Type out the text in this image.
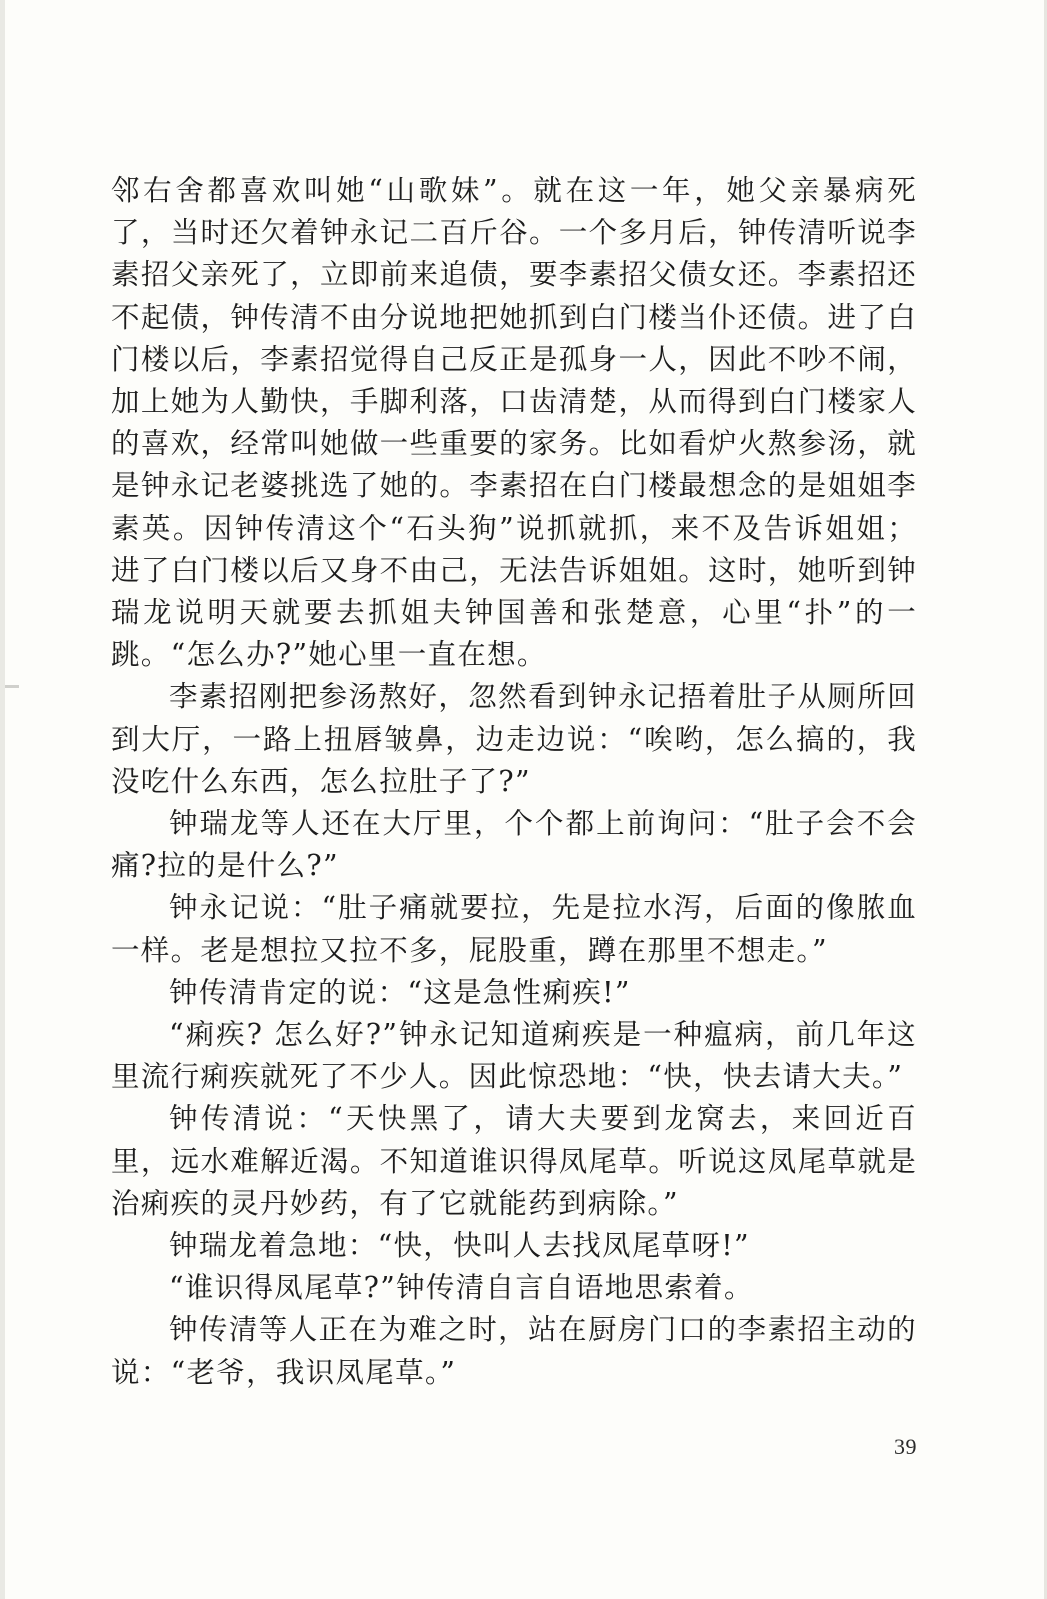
邻右舍都喜欢叫她“山歌妹”。就在这一年，她父亲暴病死了，当时还欠着钟永记二百斤谷。一个多月后，钟传清听说李素招父亲死了，立即前来追债，要李素招父债女还。李素招还不起债，钟传清不由分说地把她抓到白门楼当仆还债。进了白门楼以后，李素招觉得自己反正是孤身一人，因此不吵不闹，加上她为人勤快，手脚利落，口齿清楚，从而得到白门楼家人的喜欢，经常叫她做一些重要的家务。比如看炉火熬参汤，就是钟永记老婆挑选了她的。李素招在白门楼最想念的是姐姐李素英。因钟传清这个“石头狗”说抓就抓，来不及告诉姐姐；进了白门楼以后又身不由己，无法告诉姐姐。这时，她听到钟瑞龙说明天就要去抓姐夫钟国善和张楚意，心里“扑”的一跳。“怎么办?”她心里一直在想。

李素招刚把参汤熬好，忽然看到钟永记捂着肚子从厕所回到大厅，一路上扭唇皱鼻，边走边说：“唉哟，怎么搞的，我没吃什么东西，怎么拉肚子了?”

钟瑞龙等人还在大厅里，个个都上前询问：“肚子会不会痛?拉的是什么?”

钟永记说：“肚子痛就要拉，先是拉水泻，后面的像脓血一样。老是想拉又拉不多，屁股重，蹲在那里不想走。”

钟传清肯定的说：“这是急性痢疾!”

“痢疾? 怎么好?”钟永记知道痢疾是一种瘟病，前几年这里流行痢疾就死了不少人。因此惊恐地：“快，快去请大夫。”

钟传清说：“天快黑了，请大夫要到龙窝去，来回近百里，远水难解近渴。不知道谁识得凤尾草。听说这凤尾草就是治痢疾的灵丹妙药，有了它就能药到病除。”

钟瑞龙着急地：“快，快叫人去找凤尾草呀!”

“谁识得凤尾草?”钟传清自言自语地思索着。

钟传清等人正在为难之时，站在厨房门口的李素招主动的说：“老爷，我识凤尾草。”

39
